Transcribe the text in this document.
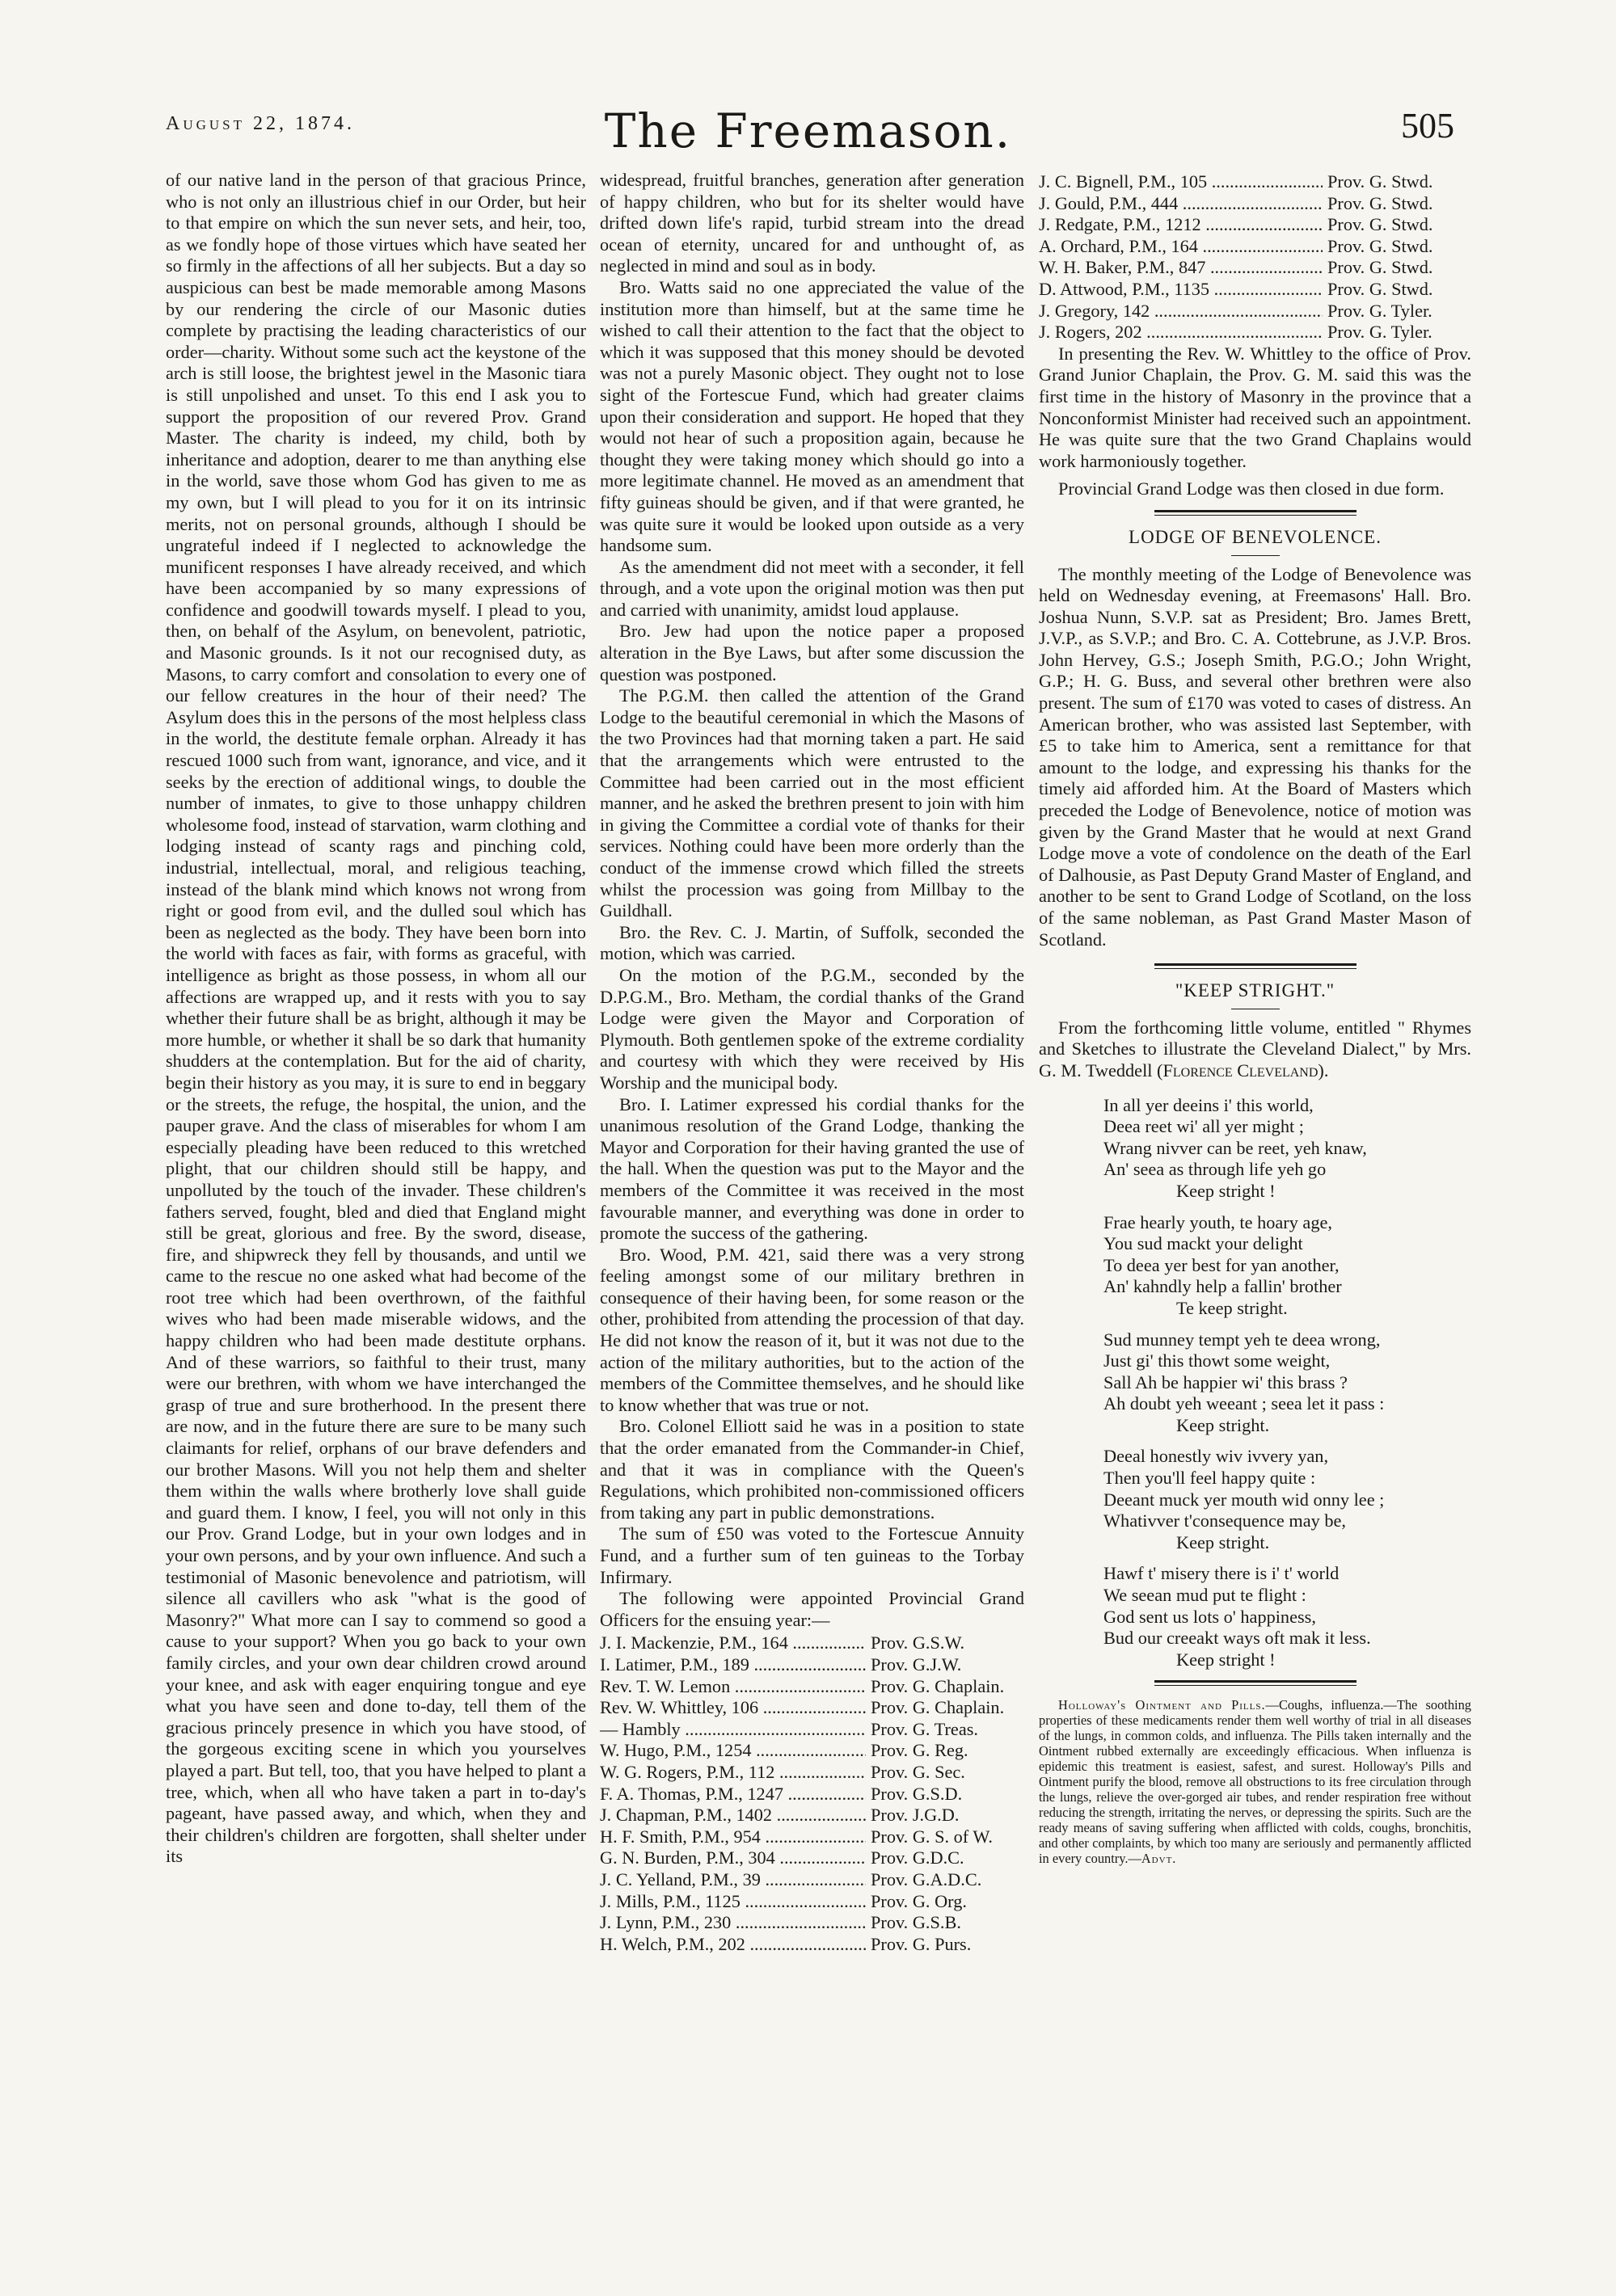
August 22, 1874.	The Freemason.	505

of our native land in the person of that gracious Prince, who is not only an illustrious chief in our Order, but heir to that empire on which the sun never sets, and heir, too, as we fondly hope of those virtues which have seated her so firmly in the affections of all her subjects. But a day so auspicious can best be made memorable among Masons by our rendering the circle of our Masonic duties complete by practising the leading characteristics of our order—charity. Without some such act the keystone of the arch is still loose, the brightest jewel in the Masonic tiara is still unpolished and unset. To this end I ask you to support the proposition of our revered Prov. Grand Master. The charity is indeed, my child, both by inheritance and adoption, dearer to me than anything else in the world, save those whom God has given to me as my own, but I will plead to you for it on its intrinsic merits, not on personal grounds, although I should be ungrateful indeed if I neglected to acknowledge the munificent responses I have already received, and which have been accompanied by so many expressions of confidence and goodwill towards myself. I plead to you, then, on behalf of the Asylum, on benevolent, patriotic, and Masonic grounds. Is it not our recognised duty, as Masons, to carry comfort and consolation to every one of our fellow creatures in the hour of their need? The Asylum does this in the persons of the most helpless class in the world, the destitute female orphan. Already it has rescued 1000 such from want, ignorance, and vice, and it seeks by the erection of additional wings, to double the number of inmates, to give to those unhappy children wholesome food, instead of starvation, warm clothing and lodging instead of scanty rags and pinching cold, industrial, intellectual, moral, and religious teaching, instead of the blank mind which knows not wrong from right or good from evil, and the dulled soul which has been as neglected as the body. They have been born into the world with faces as fair, with forms as graceful, with intelligence as bright as those possess, in whom all our affections are wrapped up, and it rests with you to say whether their future shall be as bright, although it may be more humble, or whether it shall be so dark that humanity shudders at the contemplation. But for the aid of charity, begin their history as you may, it is sure to end in beggary or the streets, the refuge, the hospital, the union, and the pauper grave. And the class of miserables for whom I am especially pleading have been reduced to this wretched plight, that our children should still be happy, and unpolluted by the touch of the invader. These children's fathers served, fought, bled and died that England might still be great, glorious and free. By the sword, disease, fire, and shipwreck they fell by thousands, and until we came to the rescue no one asked what had become of the root tree which had been overthrown, of the faithful wives who had been made miserable widows, and the happy children who had been made destitute orphans. And of these warriors, so faithful to their trust, many were our brethren, with whom we have interchanged the grasp of true and sure brotherhood. In the present there are now, and in the future there are sure to be many such claimants for relief, orphans of our brave defenders and our brother Masons. Will you not help them and shelter them within the walls where brotherly love shall guide and guard them. I know, I feel, you will not only in this our Prov. Grand Lodge, but in your own lodges and in your own persons, and by your own influence. And such a testimonial of Masonic benevolence and patriotism, will silence all cavillers who ask "what is the good of Masonry?" What more can I say to commend so good a cause to your support? When you go back to your own family circles, and your own dear children crowd around your knee, and ask with eager enquiring tongue and eye what you have seen and done to-day, tell them of the gracious princely presence in which you have stood, of the gorgeous exciting scene in which you yourselves played a part. But tell, too, that you have helped to plant a tree, which, when all who have taken a part in to-day's pageant, have passed away, and which, when they and their children's children are forgotten, shall shelter under its

widespread, fruitful branches, generation after generation of happy children, who but for its shelter would have drifted down life's rapid, turbid stream into the dread ocean of eternity, uncared for and unthought of, as neglected in mind and soul as in body.

Bro. Watts said no one appreciated the value of the institution more than himself, but at the same time he wished to call their attention to the fact that the object to which it was supposed that this money should be devoted was not a purely Masonic object. They ought not to lose sight of the Fortescue Fund, which had greater claims upon their consideration and support. He hoped that they would not hear of such a proposition again, because he thought they were taking money which should go into a more legitimate channel. He moved as an amendment that fifty guineas should be given, and if that were granted, he was quite sure it would be looked upon outside as a very handsome sum.

As the amendment did not meet with a seconder, it fell through, and a vote upon the original motion was then put and carried with unanimity, amidst loud applause.

Bro. Jew had upon the notice paper a proposed alteration in the Bye Laws, but after some discussion the question was postponed.

The P.G.M. then called the attention of the Grand Lodge to the beautiful ceremonial in which the Masons of the two Provinces had that morning taken a part. He said that the arrangements which were entrusted to the Committee had been carried out in the most efficient manner, and he asked the brethren present to join with him in giving the Committee a cordial vote of thanks for their services. Nothing could have been more orderly than the conduct of the immense crowd which filled the streets whilst the procession was going from Millbay to the Guildhall.

Bro. the Rev. C. J. Martin, of Suffolk, seconded the motion, which was carried.

On the motion of the P.G.M., seconded by the D.P.G.M., Bro. Metham, the cordial thanks of the Grand Lodge were given the Mayor and Corporation of Plymouth. Both gentlemen spoke of the extreme cordiality and courtesy with which they were received by His Worship and the municipal body.

Bro. I. Latimer expressed his cordial thanks for the unanimous resolution of the Grand Lodge, thanking the Mayor and Corporation for their having granted the use of the hall. When the question was put to the Mayor and the members of the Committee it was received in the most favourable manner, and everything was done in order to promote the success of the gathering.

Bro. Wood, P.M. 421, said there was a very strong feeling amongst some of our military brethren in consequence of their having been, for some reason or the other, prohibited from attending the procession of that day. He did not know the reason of it, but it was not due to the action of the military authorities, but to the action of the members of the Committee themselves, and he should like to know whether that was true or not.

Bro. Colonel Elliott said he was in a position to state that the order emanated from the Commander-in Chief, and that it was in compliance with the Queen's Regulations, which prohibited non-commissioned officers from taking any part in public demonstrations.

The sum of £50 was voted to the Fortescue Annuity Fund, and a further sum of ten guineas to the Torbay Infirmary.

The following were appointed Provincial Grand Officers for the ensuing year:—

J. I. Mackenzie, P.M., 164 .....	Prov. G.S.W.
I. Latimer, P.M., 189 .....	Prov. G.J.W.
Rev. T. W. Lemon .....	Prov. G. Chaplain.
Rev. W. Whittley, 106 .....	Prov. G. Chaplain.
— Hambly .....	Prov. G. Treas.
W. Hugo, P.M., 1254 .....	Prov. G. Reg.
W. G. Rogers, P.M., 112 .....	Prov. G. Sec.
F. A. Thomas, P.M., 1247 .....	Prov. G.S.D.
J. Chapman, P.M., 1402 .....	Prov. J.G.D.
H. F. Smith, P.M., 954 .....	Prov. G. S. of W.
G. N. Burden, P.M., 304 .....	Prov. G.D.C.
J. C. Yelland, P.M., 39 .....	Prov. G.A.D.C.
J. Mills, P.M., 1125 .....	Prov. G. Org.
J. Lynn, P.M., 230 .....	Prov. G.S.B.
H. Welch, P.M., 202 .....	Prov. G. Purs.
J. C. Bignell, P.M., 105 .....	Prov. G. Stwd.
J. Gould, P.M., 444 .....	Prov. G. Stwd.
J. Redgate, P.M., 1212 .....	Prov. G. Stwd.
A. Orchard, P.M., 164 .....	Prov. G. Stwd.
W. H. Baker, P.M., 847 .....	Prov. G. Stwd.
D. Attwood, P.M., 1135 .....	Prov. G. Stwd.
J. Gregory, 142 .....	Prov. G. Tyler.
J. Rogers, 202 .....	Prov. G. Tyler.

In presenting the Rev. W. Whittley to the office of Prov. Grand Junior Chaplain, the Prov. G. M. said this was the first time in the history of Masonry in the province that a Nonconformist Minister had received such an appointment. He was quite sure that the two Grand Chaplains would work harmoniously together.

Provincial Grand Lodge was then closed in due form.

LODGE OF BENEVOLENCE.

The monthly meeting of the Lodge of Benevolence was held on Wednesday evening, at Freemasons' Hall. Bro. Joshua Nunn, S.V.P. sat as President; Bro. James Brett, J.V.P., as S.V.P.; and Bro. C. A. Cottebrune, as J.V.P. Bros. John Hervey, G.S.; Joseph Smith, P.G.O.; John Wright, G.P.; H. G. Buss, and several other brethren were also present. The sum of £170 was voted to cases of distress. An American brother, who was assisted last September, with £5 to take him to America, sent a remittance for that amount to the lodge, and expressing his thanks for the timely aid afforded him. At the Board of Masters which preceded the Lodge of Benevolence, notice of motion was given by the Grand Master that he would at next Grand Lodge move a vote of condolence on the death of the Earl of Dalhousie, as Past Deputy Grand Master of England, and another to be sent to Grand Lodge of Scotland, on the loss of the same nobleman, as Past Grand Master Mason of Scotland.

"KEEP STRIGHT."

From the forthcoming little volume, entitled " Rhymes and Sketches to illustrate the Cleveland Dialect," by Mrs. G. M. Tweddell (Florence Cleveland).

In all yer deeins i' this world,
Deea reet wi' all yer might ;
Wrang nivver can be reet, yeh knaw,
An' seea as through life yeh go
Keep stright !
Frae hearly youth, te hoary age,
You sud mackt your delight
To deea yer best for yan another,
An' kahndly help a fallin' brother
Te keep stright.
Sud munney tempt yeh te deea wrong,
Just gi' this thowt some weight,
Sall Ah be happier wi' this brass ?
Ah doubt yeh weeant ; seea let it pass :
Keep stright.
Deeal honestly wiv ivvery yan,
Then you'll feel happy quite :
Deeant muck yer mouth wid onny lee ;
Whativver t'consequence may be,
Keep stright.
Hawf t' misery there is i' t' world
We seean mud put te flight :
God sent us lots o' happiness,
Bud our creeakt ways oft mak it less.
Keep stright !

Holloway's Ointment and Pills.—Coughs, influenza.—The soothing properties of these medicaments render them well worthy of trial in all diseases of the lungs, in common colds, and influenza. The Pills taken internally and the Ointment rubbed externally are exceedingly efficacious. When influenza is epidemic this treatment is easiest, safest, and surest. Holloway's Pills and Ointment purify the blood, remove all obstructions to its free circulation through the lungs, relieve the over-gorged air tubes, and render respiration free without reducing the strength, irritating the nerves, or depressing the spirits. Such are the ready means of saving suffering when afflicted with colds, coughs, bronchitis, and other complaints, by which too many are seriously and permanently afflicted in every country.—Advt.
